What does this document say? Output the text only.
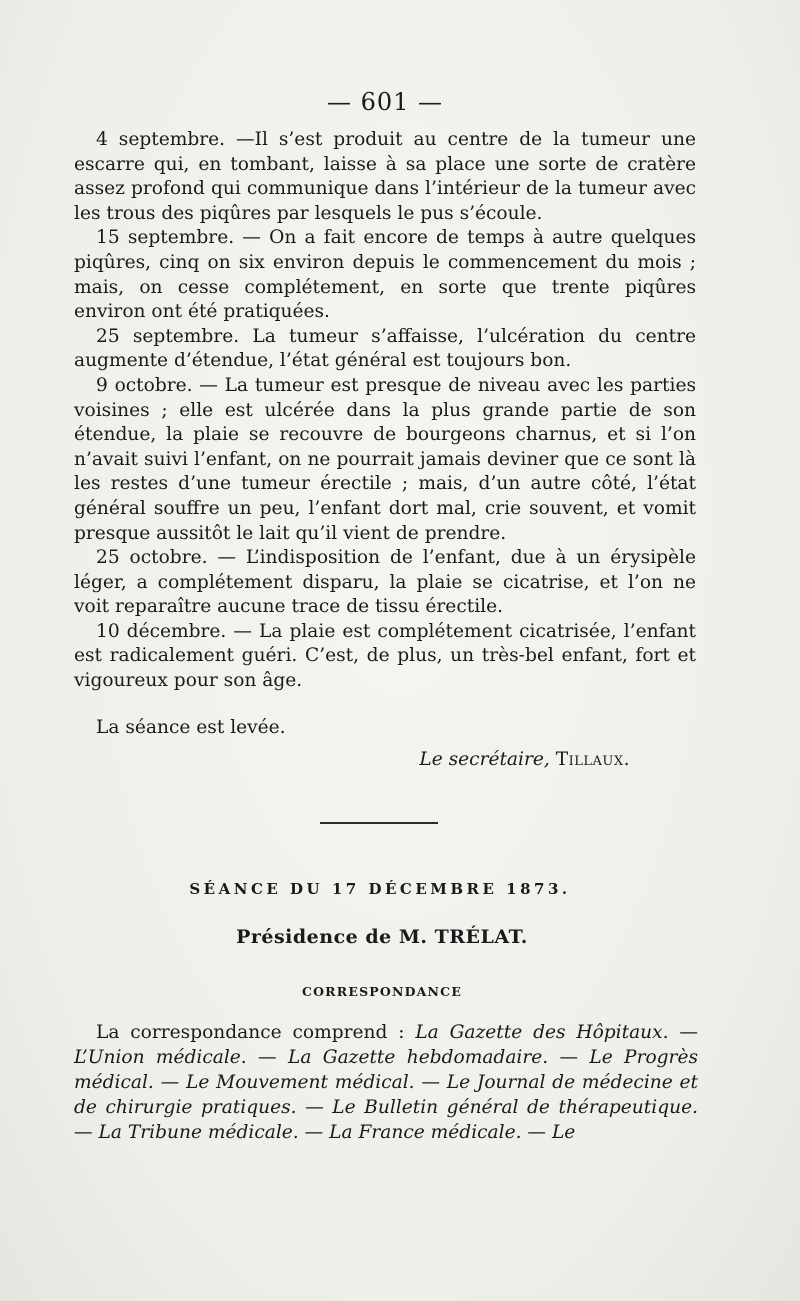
— 601 —

4 septembre. —Il s’est produit au centre de la tumeur une escarre qui, en tombant, laisse à sa place une sorte de cratère assez profond qui communique dans l’intérieur de la tumeur avec les trous des piqûres par lesquels le pus s’écoule.

15 septembre. — On a fait encore de temps à autre quelques piqûres, cinq on six environ depuis le commencement du mois ; mais, on cesse complétement, en sorte que trente piqûres environ ont été pratiquées.

25 septembre. La tumeur s’affaisse, l’ulcération du centre augmente d’étendue, l’état général est toujours bon.

9 octobre. — La tumeur est presque de niveau avec les parties voisines ; elle est ulcérée dans la plus grande partie de son étendue, la plaie se recouvre de bourgeons charnus, et si l’on n’avait suivi l’enfant, on ne pourrait jamais deviner que ce sont là les restes d’une tumeur érectile ; mais, d’un autre côté, l’état général souffre un peu, l’enfant dort mal, crie souvent, et vomit presque aussitôt le lait qu’il vient de prendre.

25 octobre. — L’indisposition de l’enfant, due à un érysipèle léger, a complétement disparu, la plaie se cicatrise, et l’on ne voit reparaître aucune trace de tissu érectile.

10 décembre. — La plaie est complétement cicatrisée, l’enfant est radicalement guéri. C’est, de plus, un très-bel enfant, fort et vigoureux pour son âge.

La séance est levée.
Le secrétaire, Tillaux.
SÉANCE DU 17 DÉCEMBRE 1873.
Présidence de M. TRÉLAT.
CORRESPONDANCE

La correspondance comprend : La Gazette des Hôpitaux. — L’Union médicale. — La Gazette hebdomadaire. — Le Progrès médical. — Le Mouvement médical. — Le Journal de médecine et de chirurgie pratiques. — Le Bulletin général de thérapeutique. — La Tribune médicale. — La France médicale. — Le
